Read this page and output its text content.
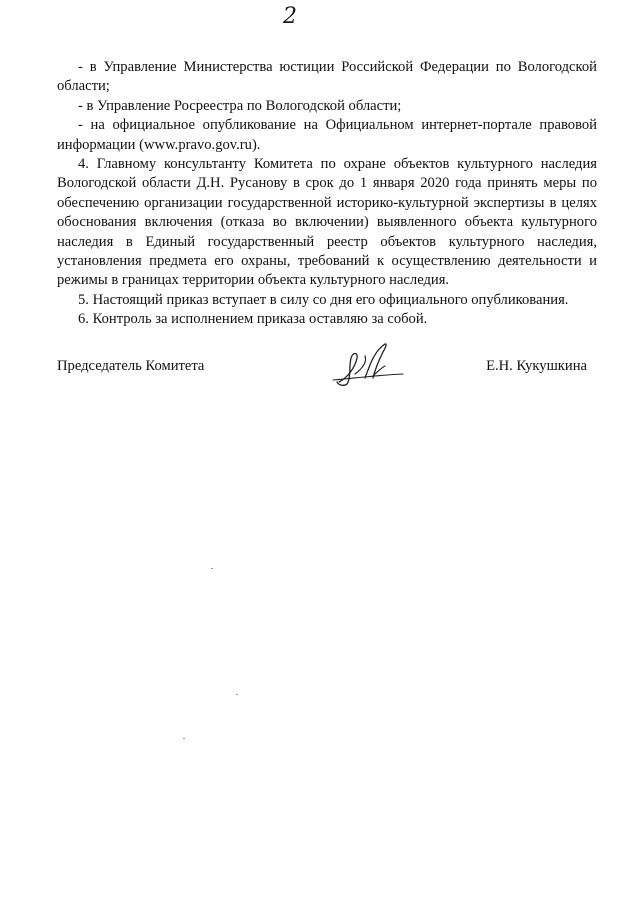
2

- в Управление Министерства юстиции Российской Федерации по Вологодской области;

- в Управление Росреестра по Вологодской области;

- на официальное опубликование на Официальном интернет-портале правовой информации (www.pravo.gov.ru).

4. Главному консультанту Комитета по охране объектов культурного наследия Вологодской области Д.Н. Русанову в срок до 1 января 2020 года принять меры по обеспечению организации государственной историко-культурной экспертизы в целях обоснования включения (отказа во включении) выявленного объекта культурного наследия в Единый государственный реестр объектов культурного наследия, установления предмета его охраны, требований к осуществлению деятельности и режимы в границах территории объекта культурного наследия.

5. Настоящий приказ вступает в силу со дня его официального опубликования.

6. Контроль за исполнением приказа оставляю за собой.

Председатель Комитета	Е.Н. Кукушкина
